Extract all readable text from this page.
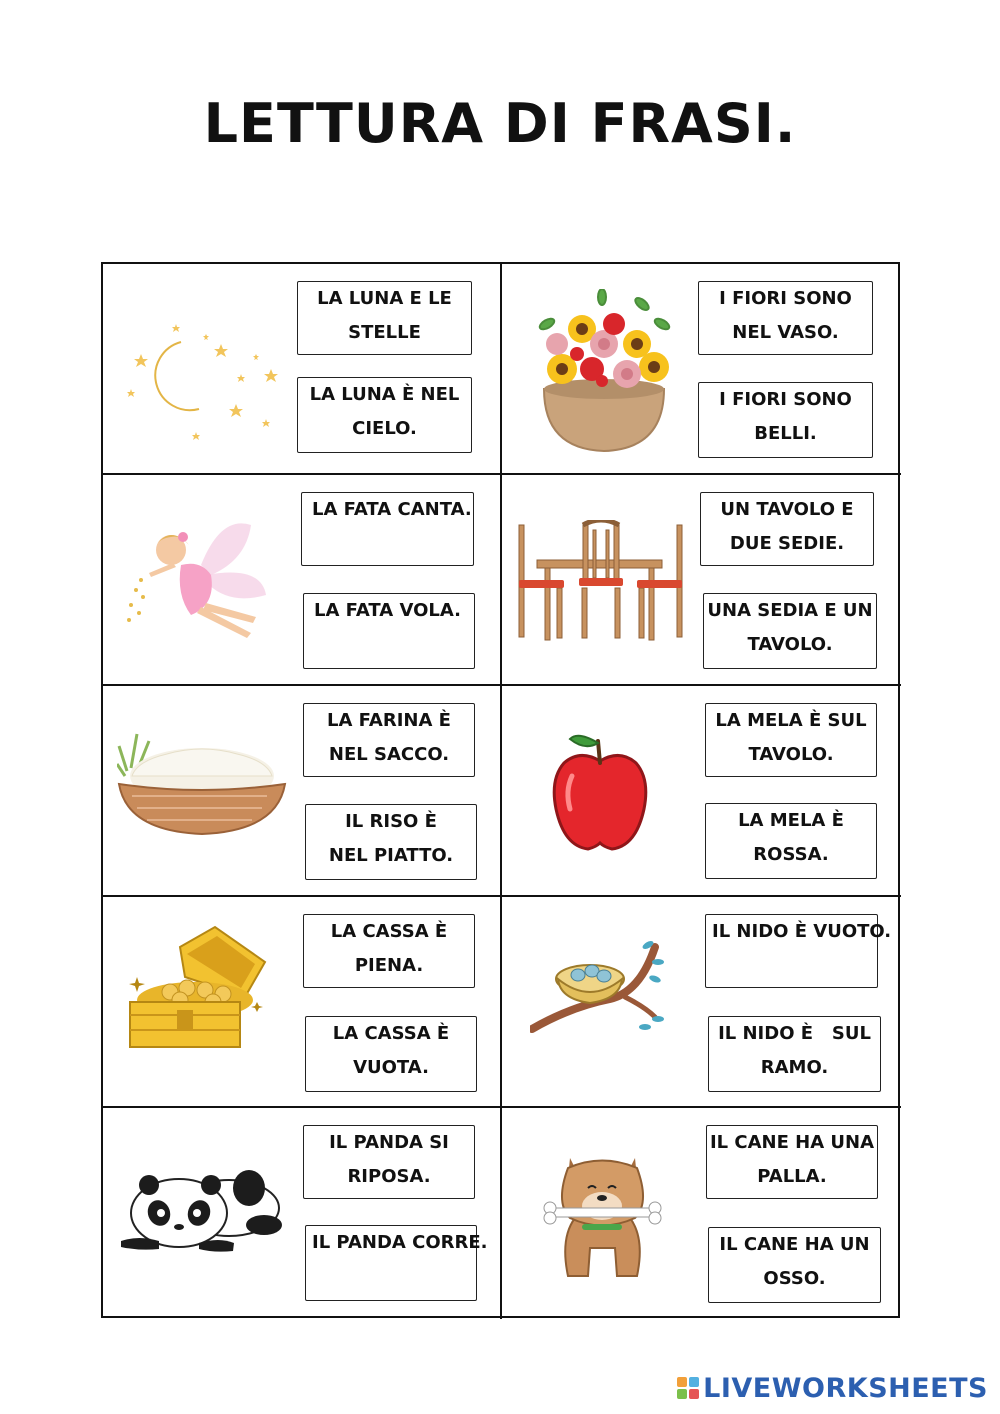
LETTURA DI FRASI.
LA LUNA E LE
STELLE
LA LUNA È NEL
CIELO.
I FIORI SONO
NEL VASO.
I FIORI SONO
BELLI.
LA FATA CANTA.
LA FATA VOLA.
UN TAVOLO E
DUE SEDIE.
UNA SEDIA E UN
TAVOLO.
LA FARINA È
NEL SACCO.
IL RISO È
NEL PIATTO.
LA MELA È SUL
TAVOLO.
LA MELA È
ROSSA.
LA CASSA È
PIENA.
LA CASSA È
VUOTA.
IL NIDO È VUOTO.
IL NIDO È   SUL
RAMO.
IL PANDA SI
RIPOSA.
IL PANDA CORRE.
IL CANE HA UNA
PALLA.
IL CANE HA UN
OSSO.
LIVEWORKSHEETS
